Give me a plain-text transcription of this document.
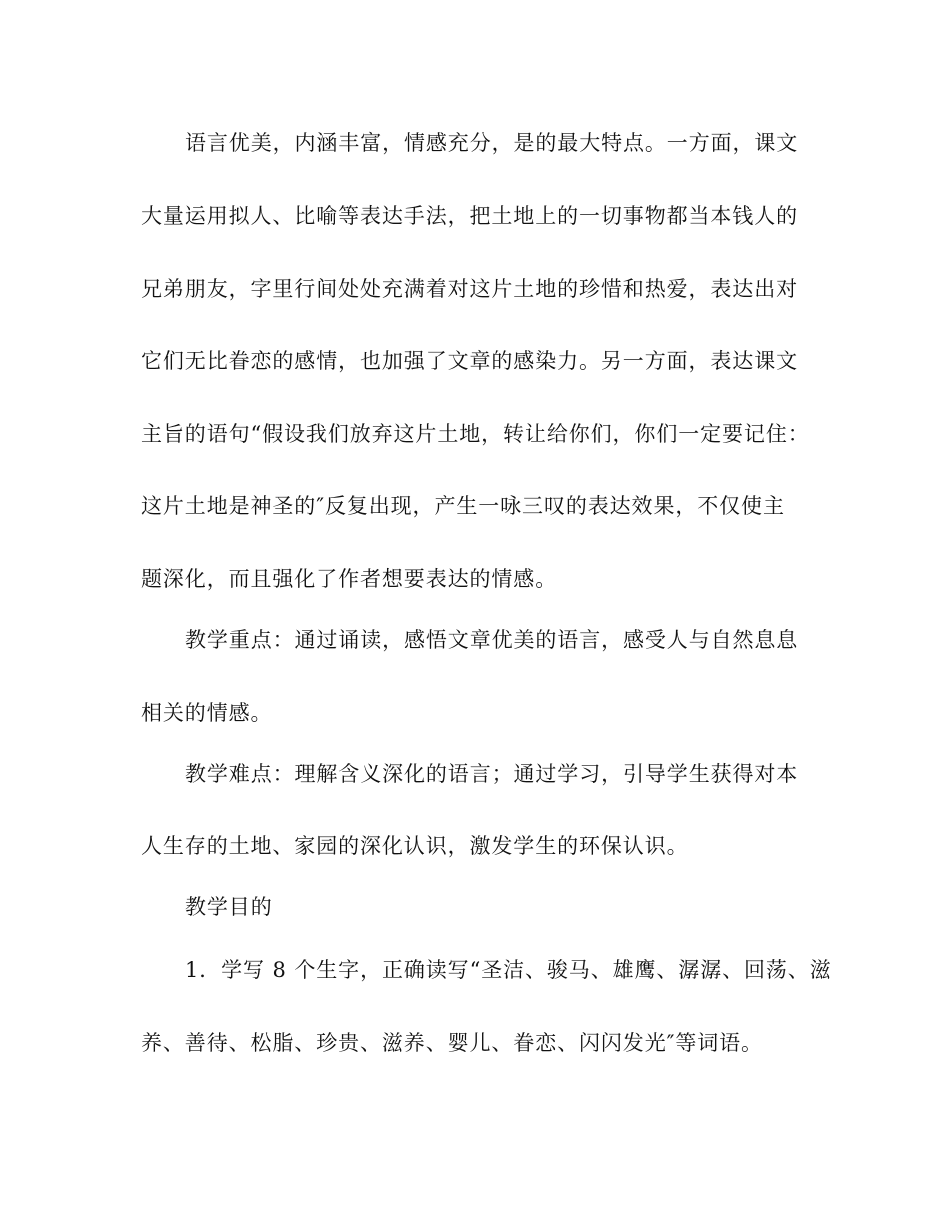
语言优美，内涵丰富，情感充分，是的最大特点。一方面，课文
大量运用拟人、比喻等表达手法，把土地上的一切事物都当本钱人的
兄弟朋友，字里行间处处充满着对这片土地的珍惜和热爱，表达出对
它们无比眷恋的感情，也加强了文章的感染力。另一方面，表达课文
主旨的语句“假设我们放弃这片土地，转让给你们，你们一定要记住：
这片土地是神圣的″反复出现，产生一咏三叹的表达效果，不仅使主
题深化，而且强化了作者想要表达的情感。
教学重点：通过诵读，感悟文章优美的语言，感受人与自然息息
相关的情感。
教学难点：理解含义深化的语言；通过学习，引导学生获得对本
人生存的土地、家园的深化认识，激发学生的环保认识。
教学目的
1．学写 8 个生字，正确读写“圣洁、骏马、雄鹰、潺潺、回荡、滋
养、善待、松脂、珍贵、滋养、婴儿、眷恋、闪闪发光″等词语。
